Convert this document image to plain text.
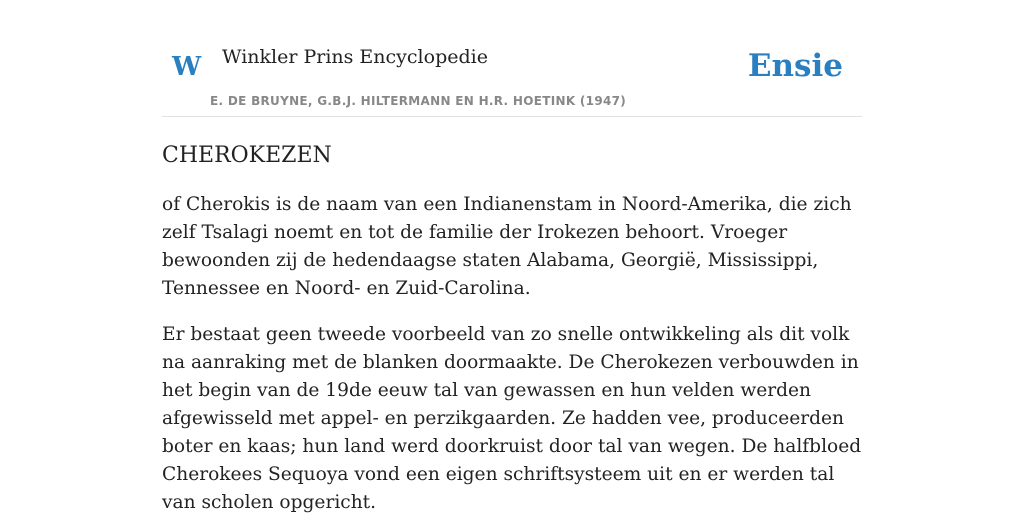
W Winkler Prins Encyclopedie	Ensie
E. DE BRUYNE, G.B.J. HILTERMANN EN H.R. HOETINK (1947)
CHEROKEZEN

of Cherokis is de naam van een Indianenstam in Noord-Amerika, die zich zelf Tsalagi noemt en tot de familie der Irokezen behoort. Vroeger bewoonden zij de hedendaagse staten Alabama, Georgië, Mississippi, Tennessee en Noord- en Zuid-Carolina.

Er bestaat geen tweede voorbeeld van zo snelle ontwikkeling als dit volk na aanraking met de blanken doormaakte. De Cherokezen verbouwden in het begin van de 19de eeuw tal van gewassen en hun velden werden afgewisseld met appel- en perzikgaarden. Ze hadden vee, produceerden boter en kaas; hun land werd doorkruist door tal van wegen. De halfbloed Cherokees Sequoya vond een eigen schriftsysteem uit en er werden tal van scholen opgericht.
